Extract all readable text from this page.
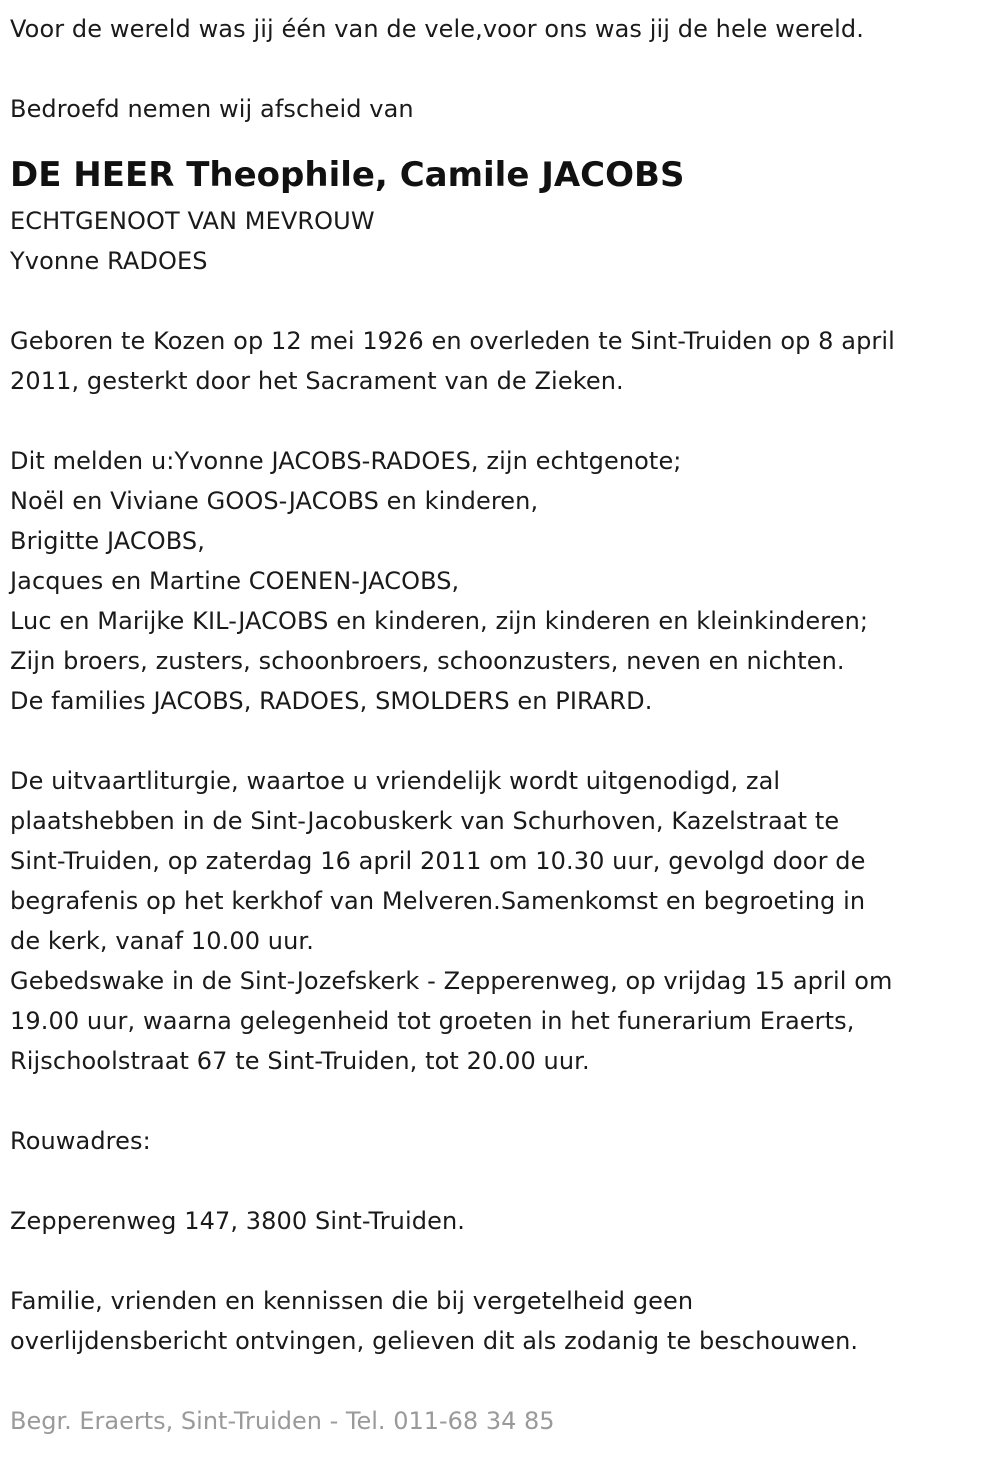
Voor de wereld was jij één van de vele,voor ons was jij de hele wereld.
Bedroefd nemen wij afscheid van
DE HEER Theophile, Camile JACOBS
ECHTGENOOT VAN MEVROUW
Yvonne RADOES
Geboren te Kozen op 12 mei 1926 en overleden te Sint-Truiden op 8 april
2011, gesterkt door het Sacrament van de Zieken.
Dit melden u:Yvonne JACOBS-RADOES, zijn echtgenote;
Noël en Viviane GOOS-JACOBS en kinderen,
Brigitte JACOBS,
Jacques en Martine COENEN-JACOBS,
Luc en Marijke KIL-JACOBS en kinderen, zijn kinderen en kleinkinderen;
Zijn broers, zusters, schoonbroers, schoonzusters, neven en nichten.
De families JACOBS, RADOES, SMOLDERS en PIRARD.
De uitvaartliturgie, waartoe u vriendelijk wordt uitgenodigd, zal
plaatshebben in de Sint-Jacobuskerk van Schurhoven, Kazelstraat te
Sint-Truiden, op zaterdag 16 april 2011 om 10.30 uur, gevolgd door de
begrafenis op het kerkhof van Melveren.Samenkomst en begroeting in
de kerk, vanaf 10.00 uur.
Gebedswake in de Sint-Jozefskerk - Zepperenweg, op vrijdag 15 april om
19.00 uur, waarna gelegenheid tot groeten in het funerarium Eraerts,
Rijschoolstraat 67 te Sint-Truiden, tot 20.00 uur.
Rouwadres:
Zepperenweg 147, 3800 Sint-Truiden.
Familie, vrienden en kennissen die bij vergetelheid geen
overlijdensbericht ontvingen, gelieven dit als zodanig te beschouwen.
Begr. Eraerts, Sint-Truiden - Tel. 011-68 34 85
